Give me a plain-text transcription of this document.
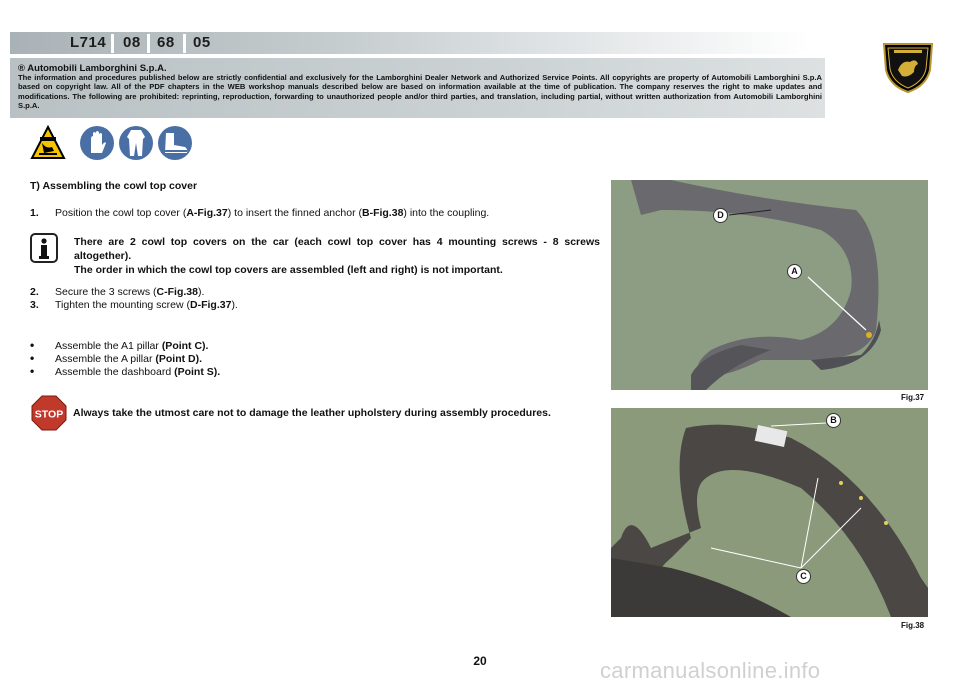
L714 08 68 05
® Automobili Lamborghini S.p.A.
The information and procedures published below are strictly confidential and exclusively for the Lamborghini Dealer Network and Authorized Service Points. All copyrights are property of Automobili Lamborghini S.p.A based on copyright law. All of the PDF chapters in the WEB workshop manuals described below are based on information available at the time of publication. The company reserves the right to make updates and modifications. The following are prohibited: reprinting, reproduction, forwarding to unauthorized people and/or third parties, and translation, including partial, without written authorization from Automobili Lamborghini S.p.A.
T) Assembling the cowl top cover
1. Position the cowl top cover (A-Fig.37) to insert the finned anchor (B-Fig.38) into the coupling.
There are 2 cowl top covers on the car (each cowl top cover has 4 mounting screws - 8 screws altogether).
The order in which the cowl top covers are assembled (left and right) is not important.
2. Secure the 3 screws (C-Fig.38).
3. Tighten the mounting screw (D-Fig.37).
• Assemble the A1 pillar (Point C).
• Assemble the A pillar (Point D).
• Assemble the dashboard (Point S).
STOP Always take the utmost care not to damage the leather upholstery during assembly procedures.
D
A
Fig.37
B
C
Fig.38
20	carmanualsonline.info
